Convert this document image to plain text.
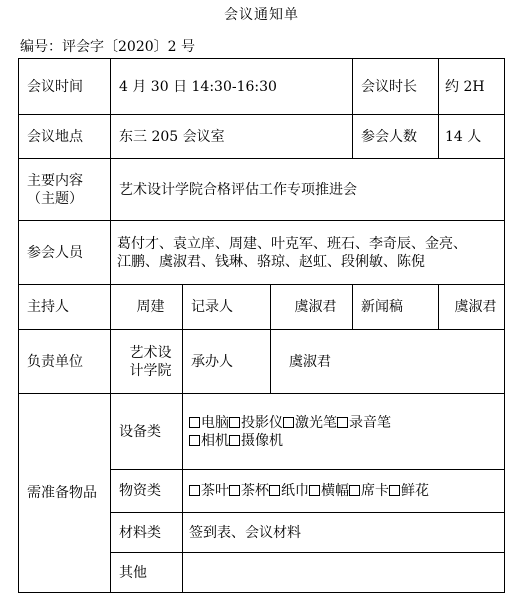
会议通知单
编号：评会字〔2020〕2 号
会议时间	4 月 30 日 14:30-16:30			会议时长	约 2H
会议地点	东三 205 会议室			参会人数	14 人

主要内容
（主题）	艺术设计学院合格评估工作专项推进会				
参会人员	葛付才、袁立庠、周建、叶克军、班石、李奇辰、金亮、
江鹏、虞淑君、钱琳、骆琼、赵虹、段俐敏、陈倪				

主持人	周建	记录人	虞淑君	新闻稿	虞淑君
负责单位	艺术设
计学院	承办人	虞淑君		
需准备物品	设备类	电脑 投影仪 激光笔 录音笔
相机 摄像机			

	物资类	茶叶 茶杯 纸巾 横幅 席卡 鲜花			
	材料类	签到表、会议材料			
	其他				
